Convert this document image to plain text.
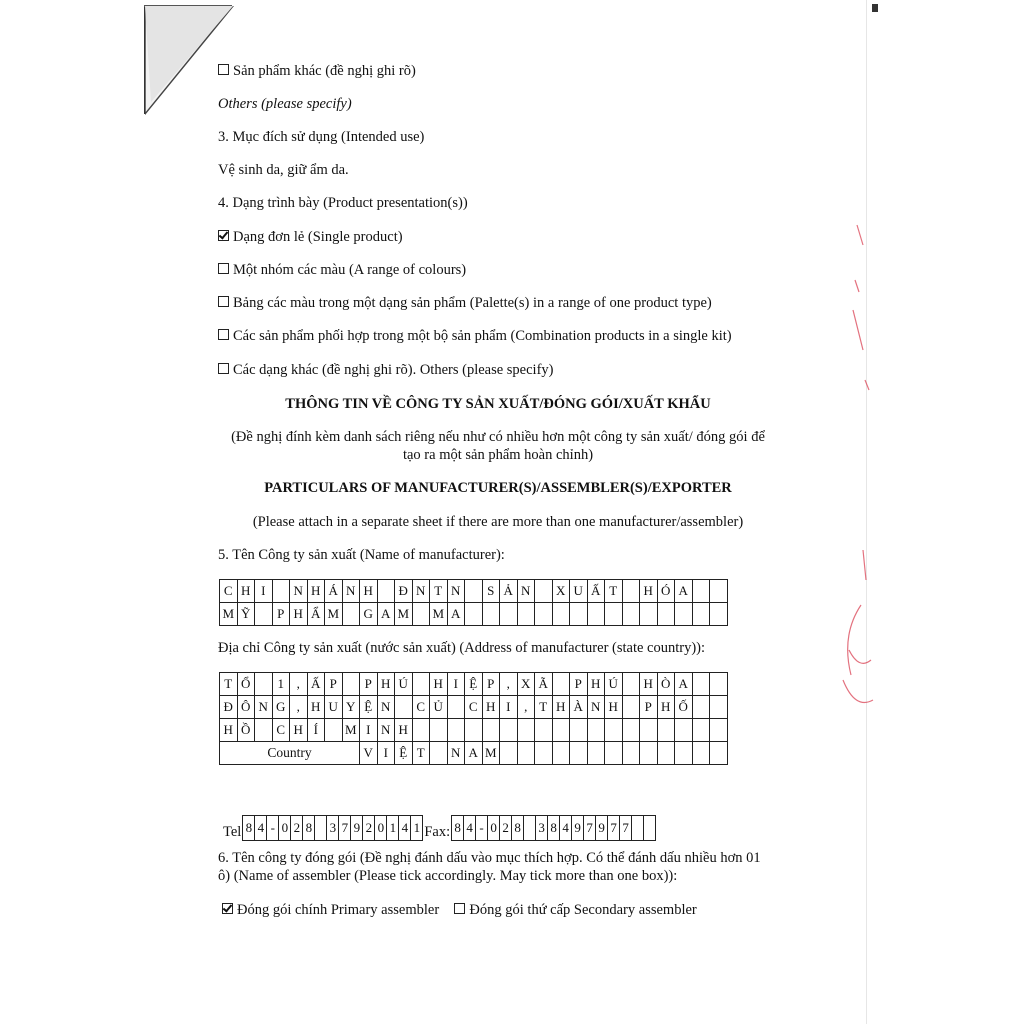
Sản phẩm khác (đề nghị ghi rõ)
Others (please specify)
3. Mục đích sử dụng (Intended use)
Vệ sinh da, giữ ẩm da.
4. Dạng trình bày (Product presentation(s))
Dạng đơn lẻ (Single product)
Một nhóm các màu (A range of colours)
Bảng các màu trong một dạng sản phẩm (Palette(s) in a range of one product type)
Các sản phẩm phối hợp trong một bộ sản phẩm (Combination products in a single kit)
Các dạng khác (đề nghị ghi rõ). Others (please specify)
THÔNG TIN VỀ CÔNG TY SẢN XUẤT/ĐÓNG GÓI/XUẤT KHẨU
(Đề nghị đính kèm danh sách riêng nếu như có nhiều hơn một công ty sản xuất/ đóng gói để
tạo ra một sản phẩm hoàn chỉnh)
PARTICULARS OF MANUFACTURER(S)/ASSEMBLER(S)/EXPORTER
(Please attach in a separate sheet if there are more than one manufacturer/assembler)
5. Tên Công ty sản xuất (Name of manufacturer):
C	H	I		N	H	Á	N	H		Đ	N	T	N		S	Ả	N		X	U	Ấ	T		H	Ó	A		
M	Ỹ		P	H	Ẩ	M		G	A	M		M	A															
Địa chỉ Công ty sản xuất (nước sản xuất) (Address of manufacturer (state country)):
T	Ổ		1	,	Ấ	P		P	H	Ú		H	I	Ệ	P	,	X	Ã		P	H	Ú		H	Ò	A		
Đ	Ô	N	G	,	H	U	Y	Ệ	N		C	Ủ		C	H	I	,	T	H	À	N	H		P	H	Ố		
H	Ồ		C	H	Í		M	I	N	H																		
Country								V	I	Ệ	T		N	A	M													
Tel 8 4 - 0 2 8 3 7 9 2 0 1 4 1 Fax: 8 4 - 0 2 8 3 8 4 9 7 9 7 7
6. Tên công ty đóng gói (Đề nghị đánh dấu vào mục thích hợp. Có thể đánh dấu nhiều hơn 01
ô) (Name of assembler (Please tick accordingly. May tick more than one box)):
Đóng gói chính Primary assembler Đóng gói thứ cấp Secondary assembler
